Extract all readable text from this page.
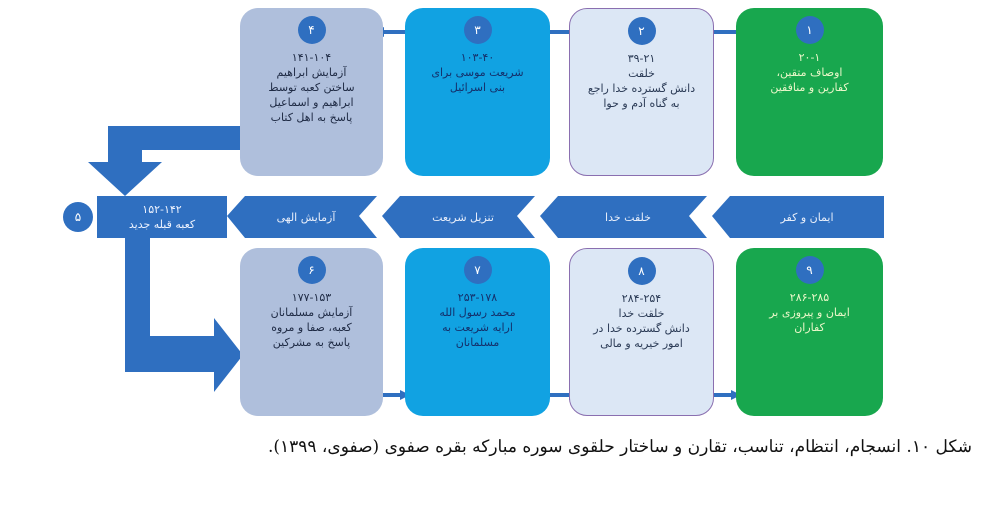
۱
۲۰-۱
اوصاف متقین،
کفارین و منافقین
۲
۳۹-۲۱
خلقت
دانش گسترده خدا راجع
به گناه آدم و حوا
۳
۱۰۳-۴۰
شریعت موسی برای
بنی اسرائیل
۴
۱۴۱-۱۰۴
آزمایش ابراهیم
ساختن کعبه توسط
ابراهیم و اسماعیل
پاسخ به اهل کتاب
ایمان و کفر
خلقت خدا
تنزیل شریعت
آزمایش الهی
۱۵۲-۱۴۲
کعبه قبله جدید
۵
۹
۲۸۶-۲۸۵
ایمان و پیروزی بر
کفاران
۸
۲۸۴-۲۵۴
خلقت خدا
دانش گسترده خدا در
امور خیریه و مالی
۷
۲۵۳-۱۷۸
محمد رسول الله
ارایه شریعت به
مسلمانان
۶
۱۷۷-۱۵۳
آزمایش مسلمانان
کعبه، صفا و مروه
پاسخ به مشرکین
شکل ۱۰. انسجام، انتظام، تناسب، تقارن و ساختار حلقوی سوره مبارکه بقره صفوی (صفوی، ۱۳۹۹).
